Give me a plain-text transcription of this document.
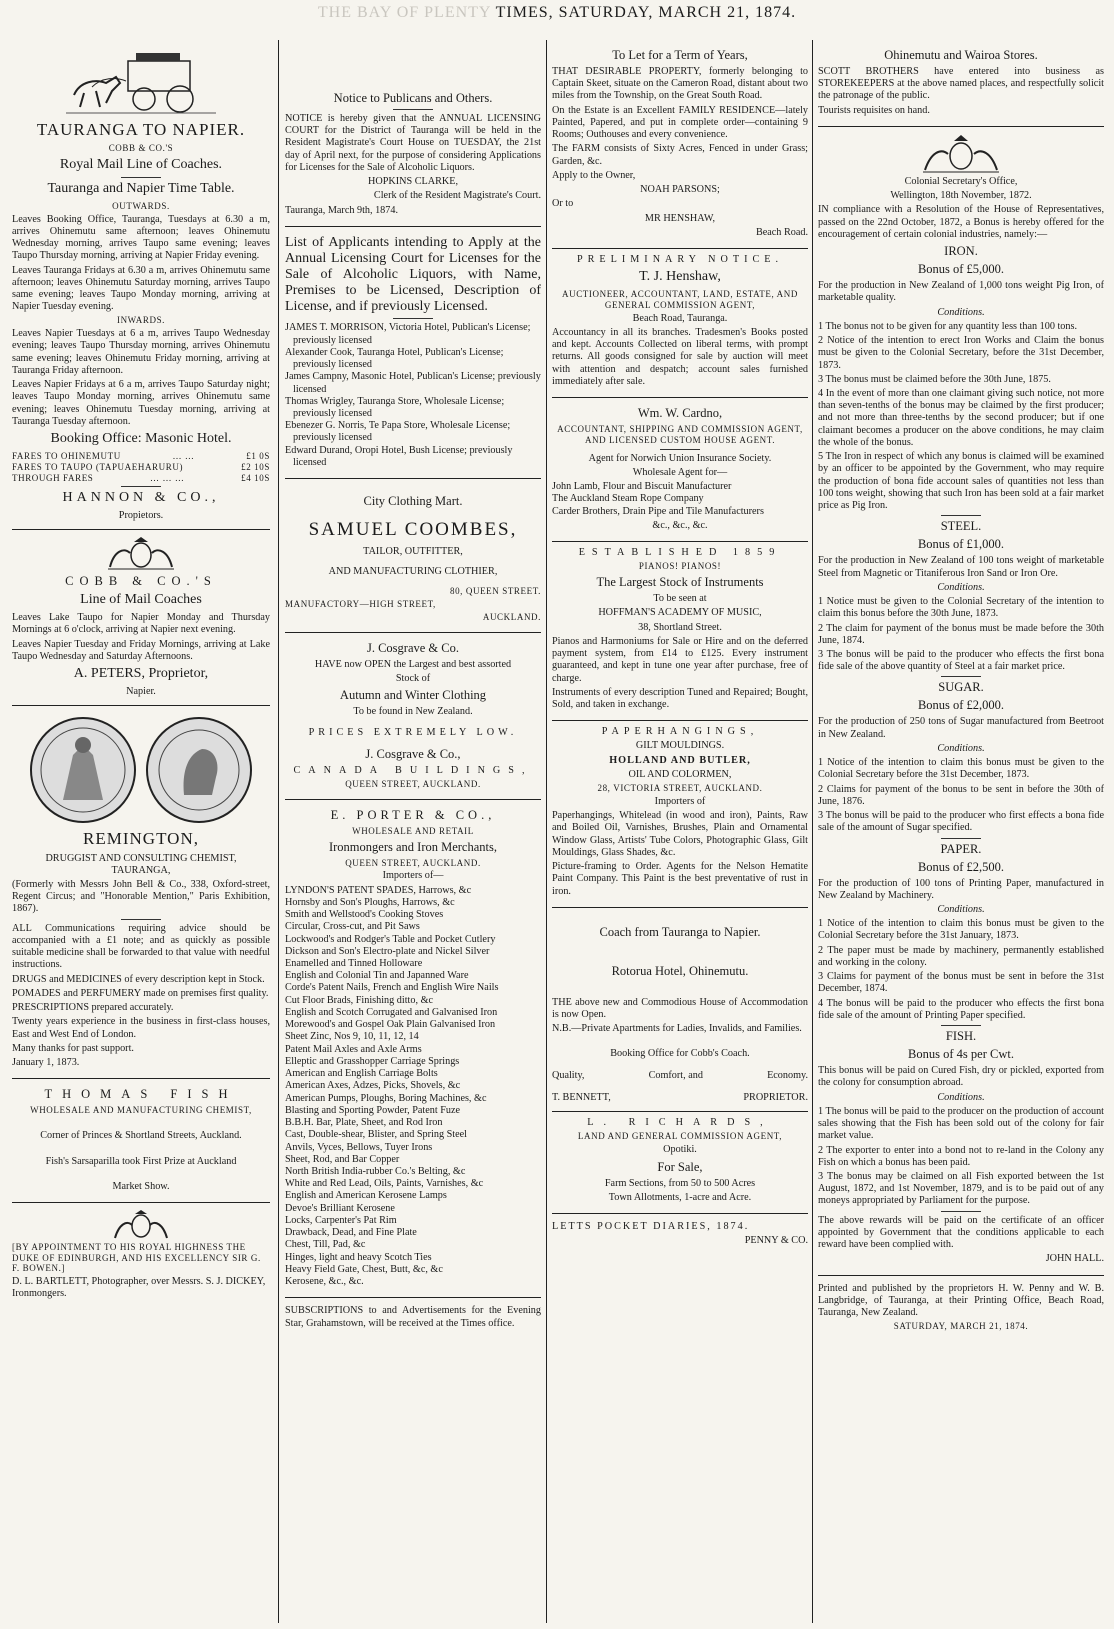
THE BAY OF PLENTY TIMES, SATURDAY, MARCH 21, 1874.
TAURANGA TO NAPIER.
COBB & CO.'S
Royal Mail Line of Coaches.
Tauranga and Napier Time Table.
OUTWARDS.

Leaves Booking Office, Tauranga, Tuesdays at 6.30 a m, arrives Ohinemutu same afternoon; leaves Ohinemutu Wednesday morning, arrives Taupo same evening; leaves Taupo Thursday morning, arriving at Napier Friday evening.

Leaves Tauranga Fridays at 6.30 a m, arrives Ohinemutu same afternoon; leaves Ohinemutu Saturday morning, arrives Taupo same evening; leaves Taupo Monday morning, arriving at Napier Tuesday evening.

INWARDS.

Leaves Napier Tuesdays at 6 a m, arrives Taupo Wednesday evening; leaves Taupo Thursday morning, arrives Ohinemutu same evening; leaves Ohinemutu Friday morning, arriving at Tauranga Friday afternoon.

Leaves Napier Fridays at 6 a m, arrives Taupo Saturday night; leaves Taupo Monday morning, arrives Ohinemutu same evening; leaves Ohinemutu Tuesday morning, arriving at Tauranga Tuesday afternoon.

Booking Office: Masonic Hotel.
FARES TO OHINEMUTU	… …	£1 0S
FARES TO TAUPO (TAPUAEHARURU)	£2 10S
THROUGH FARES	… … …	£4 10S
HANNON & CO.,
Propietors.
COBB & CO.'S
Line of Mail Coaches

Leaves Lake Taupo for Napier Monday and Thursday Mornings at 6 o'clock, arriving at Napier next evening.

Leaves Napier Tuesday and Friday Mornings, arriving at Lake Taupo Wednesday and Saturday Afternoons.

A. PETERS, Proprietor,
Napier.
REMINGTON,
DRUGGIST AND CONSULTING CHEMIST,
TAURANGA,

(Formerly with Messrs John Bell & Co., 338, Oxford-street, Regent Circus; and "Honorable Mention," Paris Exhibition, 1867).

ALL Communications requiring advice should be accompanied with a £1 note; and as quickly as possible suitable medicine shall be forwarded to that value with needful instructions.

DRUGS and MEDICINES of every description kept in Stock.

POMADES and PERFUMERY made on premises first quality.

PRESCRIPTIONS prepared accurately.

Twenty years experience in the business in first-class houses, East and West End of London.

Many thanks for past support.

January 1, 1873.

THOMAS FISH

WHOLESALE AND MANUFACTURING CHEMIST,

Corner of Princes & Shortland Streets, Auckland.

Fish's Sarsaparilla took First Prize at Auckland

Market Show.

[BY APPOINTMENT TO HIS ROYAL HIGHNESS THE DUKE OF EDINBURGH, AND HIS EXCELLENCY SIR G. F. BOWEN.]

D. L. BARTLETT, Photographer, over Messrs. S. J. DICKEY, Ironmongers.

Notice to Publicans and Others.

NOTICE is hereby given that the ANNUAL LICENSING COURT for the District of Tauranga will be held in the Resident Magistrate's Court House on TUESDAY, the 21st day of April next, for the purpose of considering Applications for Licenses for the Sale of Alcoholic Liquors.

HOPKINS CLARKE,

Clerk of the Resident Magistrate's Court.

Tauranga, March 9th, 1874.

List of Applicants intending to Apply at the Annual Licensing Court for Licenses for the Sale of Alcoholic Liquors, with Name, Premises to be Licensed, Description of License, and if previously Licensed.
JAMES T. MORRISON, Victoria Hotel, Publican's License; previously licensed
Alexander Cook, Tauranga Hotel, Publican's License; previously licensed
James Campny, Masonic Hotel, Publican's License; previously licensed
Thomas Wrigley, Tauranga Store, Wholesale License; previously licensed
Ebenezer G. Norris, Te Papa Store, Wholesale License; previously licensed
Edward Durand, Oropi Hotel, Bush License; previously licensed
City Clothing Mart.
SAMUEL COOMBES,

TAILOR, OUTFITTER,

AND MANUFACTURING CLOTHIER,

80, QUEEN STREET.

MANUFACTORY—HIGH STREET,

AUCKLAND.

J. Cosgrave & Co.

HAVE now OPEN the Largest and best assorted

Stock of

Autumn and Winter Clothing

To be found in New Zealand.

PRICES EXTREMELY LOW.
J. Cosgrave & Co.,
CANADA BUILDINGS,

QUEEN STREET, AUCKLAND.

E. PORTER & CO.,

WHOLESALE AND RETAIL

Ironmongers and Iron Merchants,

QUEEN STREET, AUCKLAND.

Importers of—

LYNDON'S PATENT SPADES, Harrows, &c
Hornsby and Son's Ploughs, Harrows, &c
Smith and Wellstood's Cooking Stoves
Circular, Cross-cut, and Pit Saws
Lockwood's and Rodger's Table and Pocket Cutlery
Dickson and Son's Electro-plate and Nickel Silver
Enamelled and Tinned Holloware
English and Colonial Tin and Japanned Ware
Corde's Patent Nails, French and English Wire Nails
Cut Floor Brads, Finishing ditto, &c
English and Scotch Corrugated and Galvanised Iron
Morewood's and Gospel Oak Plain Galvanised Iron
Sheet Zinc, Nos 9, 10, 11, 12, 14
Patent Mail Axles and Axle Arms
Elleptic and Grasshopper Carriage Springs
American and English Carriage Bolts
American Axes, Adzes, Picks, Shovels, &c
American Pumps, Ploughs, Boring Machines, &c
Blasting and Sporting Powder, Patent Fuze
B.B.H. Bar, Plate, Sheet, and Rod Iron
Cast, Double-shear, Blister, and Spring Steel
Anvils, Vyces, Bellows, Tuyer Irons
Sheet, Rod, and Bar Copper
North British India-rubber Co.'s Belting, &c
White and Red Lead, Oils, Paints, Varnishes, &c
English and American Kerosene Lamps
Devoe's Brilliant Kerosene
Locks, Carpenter's Pat Rim
Drawback, Dead, and Fine Plate
Chest, Till, Pad, &c
Hinges, light and heavy Scotch Ties
Heavy Field Gate, Chest, Butt, &c, &c
Kerosene, &c., &c.

SUBSCRIPTIONS to and Advertisements for the Evening Star, Grahamstown, will be received at the Times office.

To Let for a Term of Years,

THAT DESIRABLE PROPERTY, formerly belonging to Captain Skeet, situate on the Cameron Road, distant about two miles from the Township, on the Great South Road.

On the Estate is an Excellent FAMILY RESIDENCE—lately Painted, Papered, and put in complete order—containing 9 Rooms; Outhouses and every convenience.

The FARM consists of Sixty Acres, Fenced in under Grass; Garden, &c.

Apply to the Owner,

NOAH PARSONS;

Or to

MR HENSHAW,

Beach Road.

PRELIMINARY NOTICE.
T. J. Henshaw,

AUCTIONEER, ACCOUNTANT, LAND, ESTATE, AND GENERAL COMMISSION AGENT,

Beach Road, Tauranga.

Accountancy in all its branches. Tradesmen's Books posted and kept. Accounts Collected on liberal terms, with prompt returns. All goods consigned for sale by auction will meet with attention and despatch; account sales furnished immediately after sale.

Wm. W. Cardno,

ACCOUNTANT, SHIPPING AND COMMISSION AGENT, AND LICENSED CUSTOM HOUSE AGENT.

Agent for Norwich Union Insurance Society.

Wholesale Agent for—

John Lamb, Flour and Biscuit Manufacturer
The Auckland Steam Rope Company
Carder Brothers, Drain Pipe and Tile Manufacturers

&c., &c., &c.

ESTABLISHED 1859

PIANOS! PIANOS!

The Largest Stock of Instruments

To be seen at

HOFFMAN'S ACADEMY OF MUSIC,

38, Shortland Street.

Pianos and Harmoniums for Sale or Hire and on the deferred payment system, from £14 to £125. Every instrument guaranteed, and kept in tune one year after purchase, free of charge.

Instruments of every description Tuned and Repaired; Bought, Sold, and taken in exchange.

PAPERHANGINGS,

GILT MOULDINGS.

HOLLAND AND BUTLER,

OIL AND COLORMEN,

28, VICTORIA STREET, AUCKLAND.

Importers of

Paperhangings, Whitelead (in wood and iron), Paints, Raw and Boiled Oil, Varnishes, Brushes, Plain and Ornamental Window Glass, Artists' Tube Colors, Photographic Glass, Gilt Mouldings, Glass Shades, &c.

Picture-framing to Order. Agents for the Nelson Hematite Paint Company. This Paint is the best preventative of rust in iron.

Coach from Tauranga to Napier.
Rotorua Hotel, Ohinemutu.

THE above new and Commodious House of Accommodation is now Open.

N.B.—Private Apartments for Ladies, Invalids, and Families.

Booking Office for Cobb's Coach.

Quality,	Comfort, and	Economy.
T. BENNETT,	PROPRIETOR.
L. RICHARDS,

LAND AND GENERAL COMMISSION AGENT,

Opotiki.

For Sale,

Farm Sections, from 50 to 500 Acres

Town Allotments, 1-acre and Acre.

LETTS POCKET DIARIES, 1874.

PENNY & CO.

Ohinemutu and Wairoa Stores.

SCOTT BROTHERS have entered into business as STOREKEEPERS at the above named places, and respectfully solicit the patronage of the public.

Tourists requisites on hand.

Colonial Secretary's Office,

Wellington, 18th November, 1872.

IN compliance with a Resolution of the House of Representatives, passed on the 22nd October, 1872, a Bonus is hereby offered for the encouragement of certain colonial industries, namely:—

IRON.
Bonus of £5,000.

For the production in New Zealand of 1,000 tons weight Pig Iron, of marketable quality.

Conditions.

1 The bonus not to be given for any quantity less than 100 tons.

2 Notice of the intention to erect Iron Works and Claim the bonus must be given to the Colonial Secretary, before the 31st December, 1873.

3 The bonus must be claimed before the 30th June, 1875.

4 In the event of more than one claimant giving such notice, not more than seven-tenths of the bonus may be claimed by the first producer; and not more than three-tenths by the second producer; but if one claimant becomes a producer on the above conditions, he may claim the whole of the bonus.

5 The Iron in respect of which any bonus is claimed will be examined by an officer to be appointed by the Government, who may require the production of bona fide account sales of quantities not less than 100 tons weight, showing that such Iron has been sold at a fair market price as Pig Iron.

STEEL.
Bonus of £1,000.

For the production in New Zealand of 100 tons weight of marketable Steel from Magnetic or Titaniferous Iron Sand or Iron Ore.

Conditions.

1 Notice must be given to the Colonial Secretary of the intention to claim this bonus before the 30th June, 1873.

2 The claim for payment of the bonus must be made before the 30th June, 1874.

3 The bonus will be paid to the producer who effects the first bona fide sale of the above quantity of Steel at a fair market price.

SUGAR.
Bonus of £2,000.

For the production of 250 tons of Sugar manufactured from Beetroot in New Zealand.

Conditions.

1 Notice of the intention to claim this bonus must be given to the Colonial Secretary before the 31st December, 1873.

2 Claims for payment of the bonus to be sent in before the 30th of June, 1876.

3 The bonus will be paid to the producer who first effects a bona fide sale of the amount of Sugar specified.

PAPER.
Bonus of £2,500.

For the production of 100 tons of Printing Paper, manufactured in New Zealand by Machinery.

Conditions.

1 Notice of the intention to claim this bonus must be given to the Colonial Secretary before the 31st January, 1873.

2 The paper must be made by machinery, permanently established and working in the colony.

3 Claims for payment of the bonus must be sent in before the 31st December, 1874.

4 The bonus will be paid to the producer who effects the first bona fide sale of the amount of Printing Paper specified.

FISH.
Bonus of 4s per Cwt.

This bonus will be paid on Cured Fish, dry or pickled, exported from the colony for consumption abroad.

Conditions.

1 The bonus will be paid to the producer on the production of account sales showing that the Fish has been sold out of the colony for fair market value.

2 The exporter to enter into a bond not to re-land in the Colony any Fish on which a bonus has been paid.

3 The bonus may be claimed on all Fish exported between the 1st August, 1872, and 1st November, 1879, and is to be paid out of any moneys appropriated by Parliament for the purpose.

The above rewards will be paid on the certificate of an officer appointed by Government that the conditions applicable to each reward have been complied with.

JOHN HALL.

Printed and published by the proprietors H. W. Penny and W. B. Langbridge, of Tauranga, at their Printing Office, Beach Road, Tauranga, New Zealand.

SATURDAY, MARCH 21, 1874.
